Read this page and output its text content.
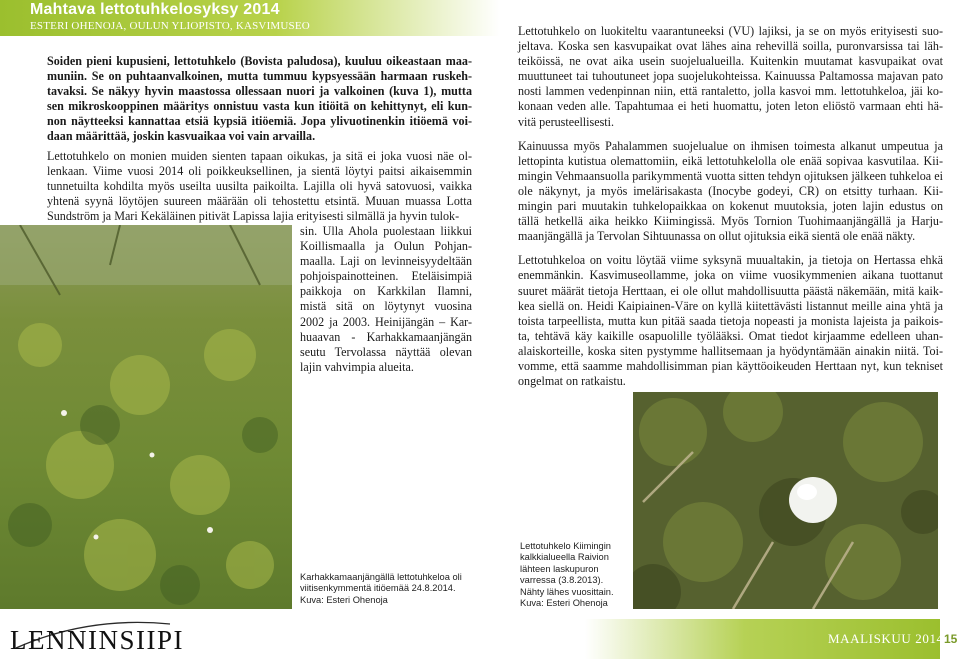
Mahtava lettotuhkelosyksy 2014
ESTERI OHENOJA, OULUN YLIOPISTO, KASVIMUSEO

Soiden pieni kupusieni, lettotuhkelo (Bovista paludosa), kuuluu oikeastaan maa-muniin. Se on puhtaanvalkoinen, mutta tummuu kypsyessään harmaan ruskeh-tavaksi. Se näkyy hyvin maastossa ollessaan nuori ja valkoinen (kuva 1), mutta sen mikroskooppinen määritys onnistuu vasta kun itiöitä on kehittynyt, eli kun-non näytteeksi kannattaa etsiä kypsiä itiöemiä. Jopa ylivuotinenkin itiöemä voi-daan määrittää, joskin kasvuaikaa voi vain arvailla.

Lettotuhkelo on monien muiden sienten tapaan oikukas, ja sitä ei joka vuosi näe ol-lenkaan. Viime vuosi 2014 oli poikkeuksellinen, ja sientä löytyi paitsi aikaisemmin tunnetuilta kohdilta myös useilta uusilta paikoilta. Lajilla oli hyvä satovuosi, vaikka yhtenä syynä löytöjen suureen määrään oli tehostettu etsintä. Muuan muassa Lotta Sundström ja Mari Kekäläinen pitivät Lapissa lajia erityisesti silmällä ja hyvin tulok-

sin. Ulla Ahola puolestaan liikkui Koillismaalla ja Oulun Pohjan-maalla. Laji on levinneisyydeltään pohjoispainotteinen. Eteläisimpiä paikkoja on Karkkilan Ilamni, mistä sitä on löytynyt vuosina 2002 ja 2003. Heinijängän – Kar-huaavan - Karhakkamaanjängän seutu Tervolassa näyttää olevan lajin vahvimpia alueita.

Karhakkamaanjängällä lettotuhkeloa oli viitisenkymmentä itiöemää 24.8.2014. Kuva: Esteri Ohenoja

Lettotuhkelo on luokiteltu vaarantuneeksi (VU) lajiksi, ja se on myös erityisesti suo-jeltava. Koska sen kasvupaikat ovat lähes aina rehevillä soilla, puronvarsissa tai läh-teiköissä, ne ovat aika usein suojelualueilla. Kuitenkin muutamat kasvupaikat ovat muuttuneet tai tuhoutuneet jopa suojelukohteissa. Kainuussa Paltamossa majavan pato nosti lammen vedenpinnan niin, että rantaletto, jolla kasvoi mm. lettotuhkeloa, jäi ko-konaan veden alle. Tapahtumaa ei heti huomattu, joten leton eliöstö varmaan ehti hä-vitä perusteellisesti.

Kainuussa myös Pahalammen suojelualue on ihmisen toimesta alkanut umpeutua ja lettopinta kutistua olemattomiin, eikä lettotuhkelolla ole enää sopivaa kasvutilaa. Kii-mingin Vehmaansuolla parikymmentä vuotta sitten tehdyn ojituksen jälkeen tuhkeloa ei ole näkynyt, ja myös imelärisakasta (Inocybe godeyi, CR) on etsitty turhaan. Kii-mingin pari muutakin tuhkelopaikkaa on kokenut muutoksia, joten lajin edustus on tällä hetkellä aika heikko Kiimingissä. Myös Tornion Tuohimaanjängällä ja Harju-maanjängällä ja Tervolan Sihtuunassa on ollut ojituksia eikä sientä ole enää näkty.

Lettotuhkeloa on voitu löytää viime syksynä muualtakin, ja tietoja on Hertassa ehkä enemmänkin. Kasvimuseollamme, joka on viime vuosikymmenien aikana tuottanut suuret määrät tietoja Herttaan, ei ole ollut mahdollisuutta päästä näkemään, mitä kaik-kea siellä on. Heidi Kaipiainen-Väre on kyllä kiitettävästi listannut meille aina yhtä ja toista tarpeellista, mutta kun pitää saada tietoja nopeasti ja monista lajeista ja paikois-ta, tehtävä käy kaikille osapuolille työlääksi. Omat tiedot kirjaamme edelleen uhan-alaiskorteille, koska siten pystymme hallitsemaan ja hyödyntämään ainakin niitä. Toi-vomme, että saamme mahdollisimman pian käyttöoikeuden Herttaan nyt, kun tekniset ongelmat on ratkaistu.

Lettotuhkelo Kiimingin kalkkialueella Raivion lähteen laskupuron varressa (3.8.2013). Nähty lähes vuosittain. Kuva: Esteri Ohenoja
LENNINSIIPI	MAALISKUU 2014 15
